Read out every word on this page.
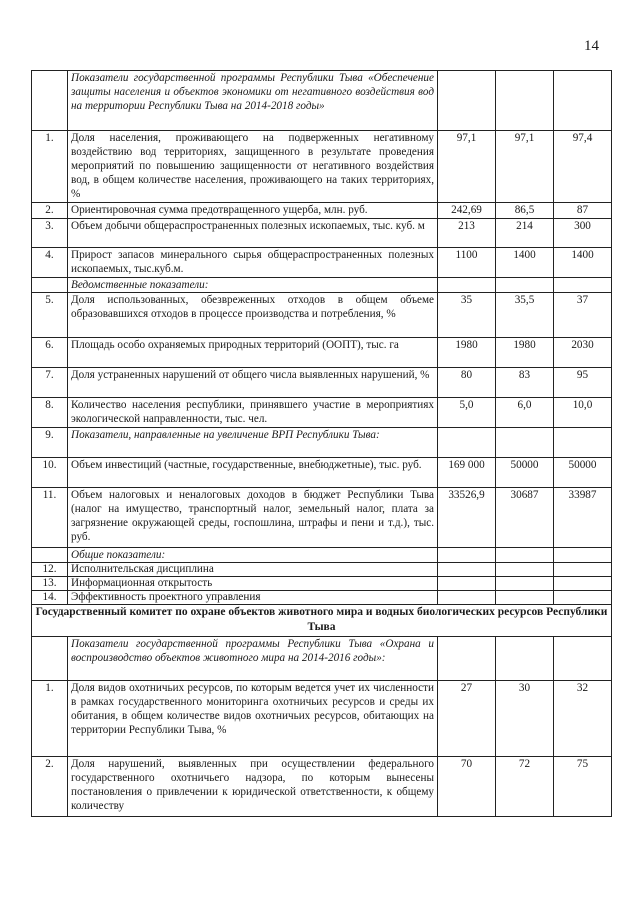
14
	Показатели государственной программы Республики Тыва «Обеспечение защиты населения и объектов экономики от негативного воздействия вод на территории Республики Тыва на 2014-2018 годы»			
1.	Доля населения, проживающего на подверженных негативному воздействию вод территориях, защищенного в результате проведения мероприятий по повышению защищенности от негативного воздействия вод, в общем количестве населения, проживающего на таких территориях, %	97,1	97,1	97,4
2.	Ориентировочная сумма предотвращенного ущерба, млн. руб.	242,69	86,5	87
3.	Объем добычи общераспространенных полезных ископаемых, тыс. куб. м	213	214	300
4.	Прирост запасов минерального сырья общераспространенных полезных ископаемых, тыс.куб.м.	1100	1400	1400
	Ведомственные показатели:			
5.	Доля использованных, обезвреженных отходов в общем объеме образовавшихся отходов в процессе производства и потребления, %	35	35,5	37
6.	Площадь особо охраняемых природных территорий (ООПТ), тыс. га	1980	1980	2030
7.	Доля устраненных нарушений от общего числа выявленных нарушений, %	80	83	95
8.	Количество населения республики, принявшего участие в мероприятиях экологической направленности, тыс. чел.	5,0	6,0	10,0
9.	Показатели, направленные на увеличение ВРП Республики Тыва:			
10.	Объем инвестиций (частные, государственные, внебюджетные), тыс. руб.	169 000	50000	50000
11.	Объем налоговых и неналоговых доходов в бюджет Республики Тыва (налог на имущество, транспортный налог, земельный налог, плата за загрязнение окружающей среды, госпошлина, штрафы и пени и т.д.), тыс. руб.	33526,9	30687	33987
	Общие показатели:			
12.	Исполнительская дисциплина			
13.	Информационная открытость			
14.	Эффективность проектного управления			
Государственный комитет по охране объектов животного мира и водных биологических ресурсов Республики Тыва				
	Показатели государственной программы Республики Тыва «Охрана и воспроизводство объектов животного мира на 2014-2016 годы»:			
1.	Доля видов охотничьих ресурсов, по которым ведется учет их численности в рамках государственного мониторинга охотничьих ресурсов и среды их обитания, в общем количестве видов охотничьих ресурсов, обитающих на территории Республики Тыва, %	27	30	32
2.	Доля нарушений, выявленных при осуществлении федерального государственного охотничьего надзора, по которым вынесены постановления о привлечении к юридической ответственности, к общему количеству	70	72	75
